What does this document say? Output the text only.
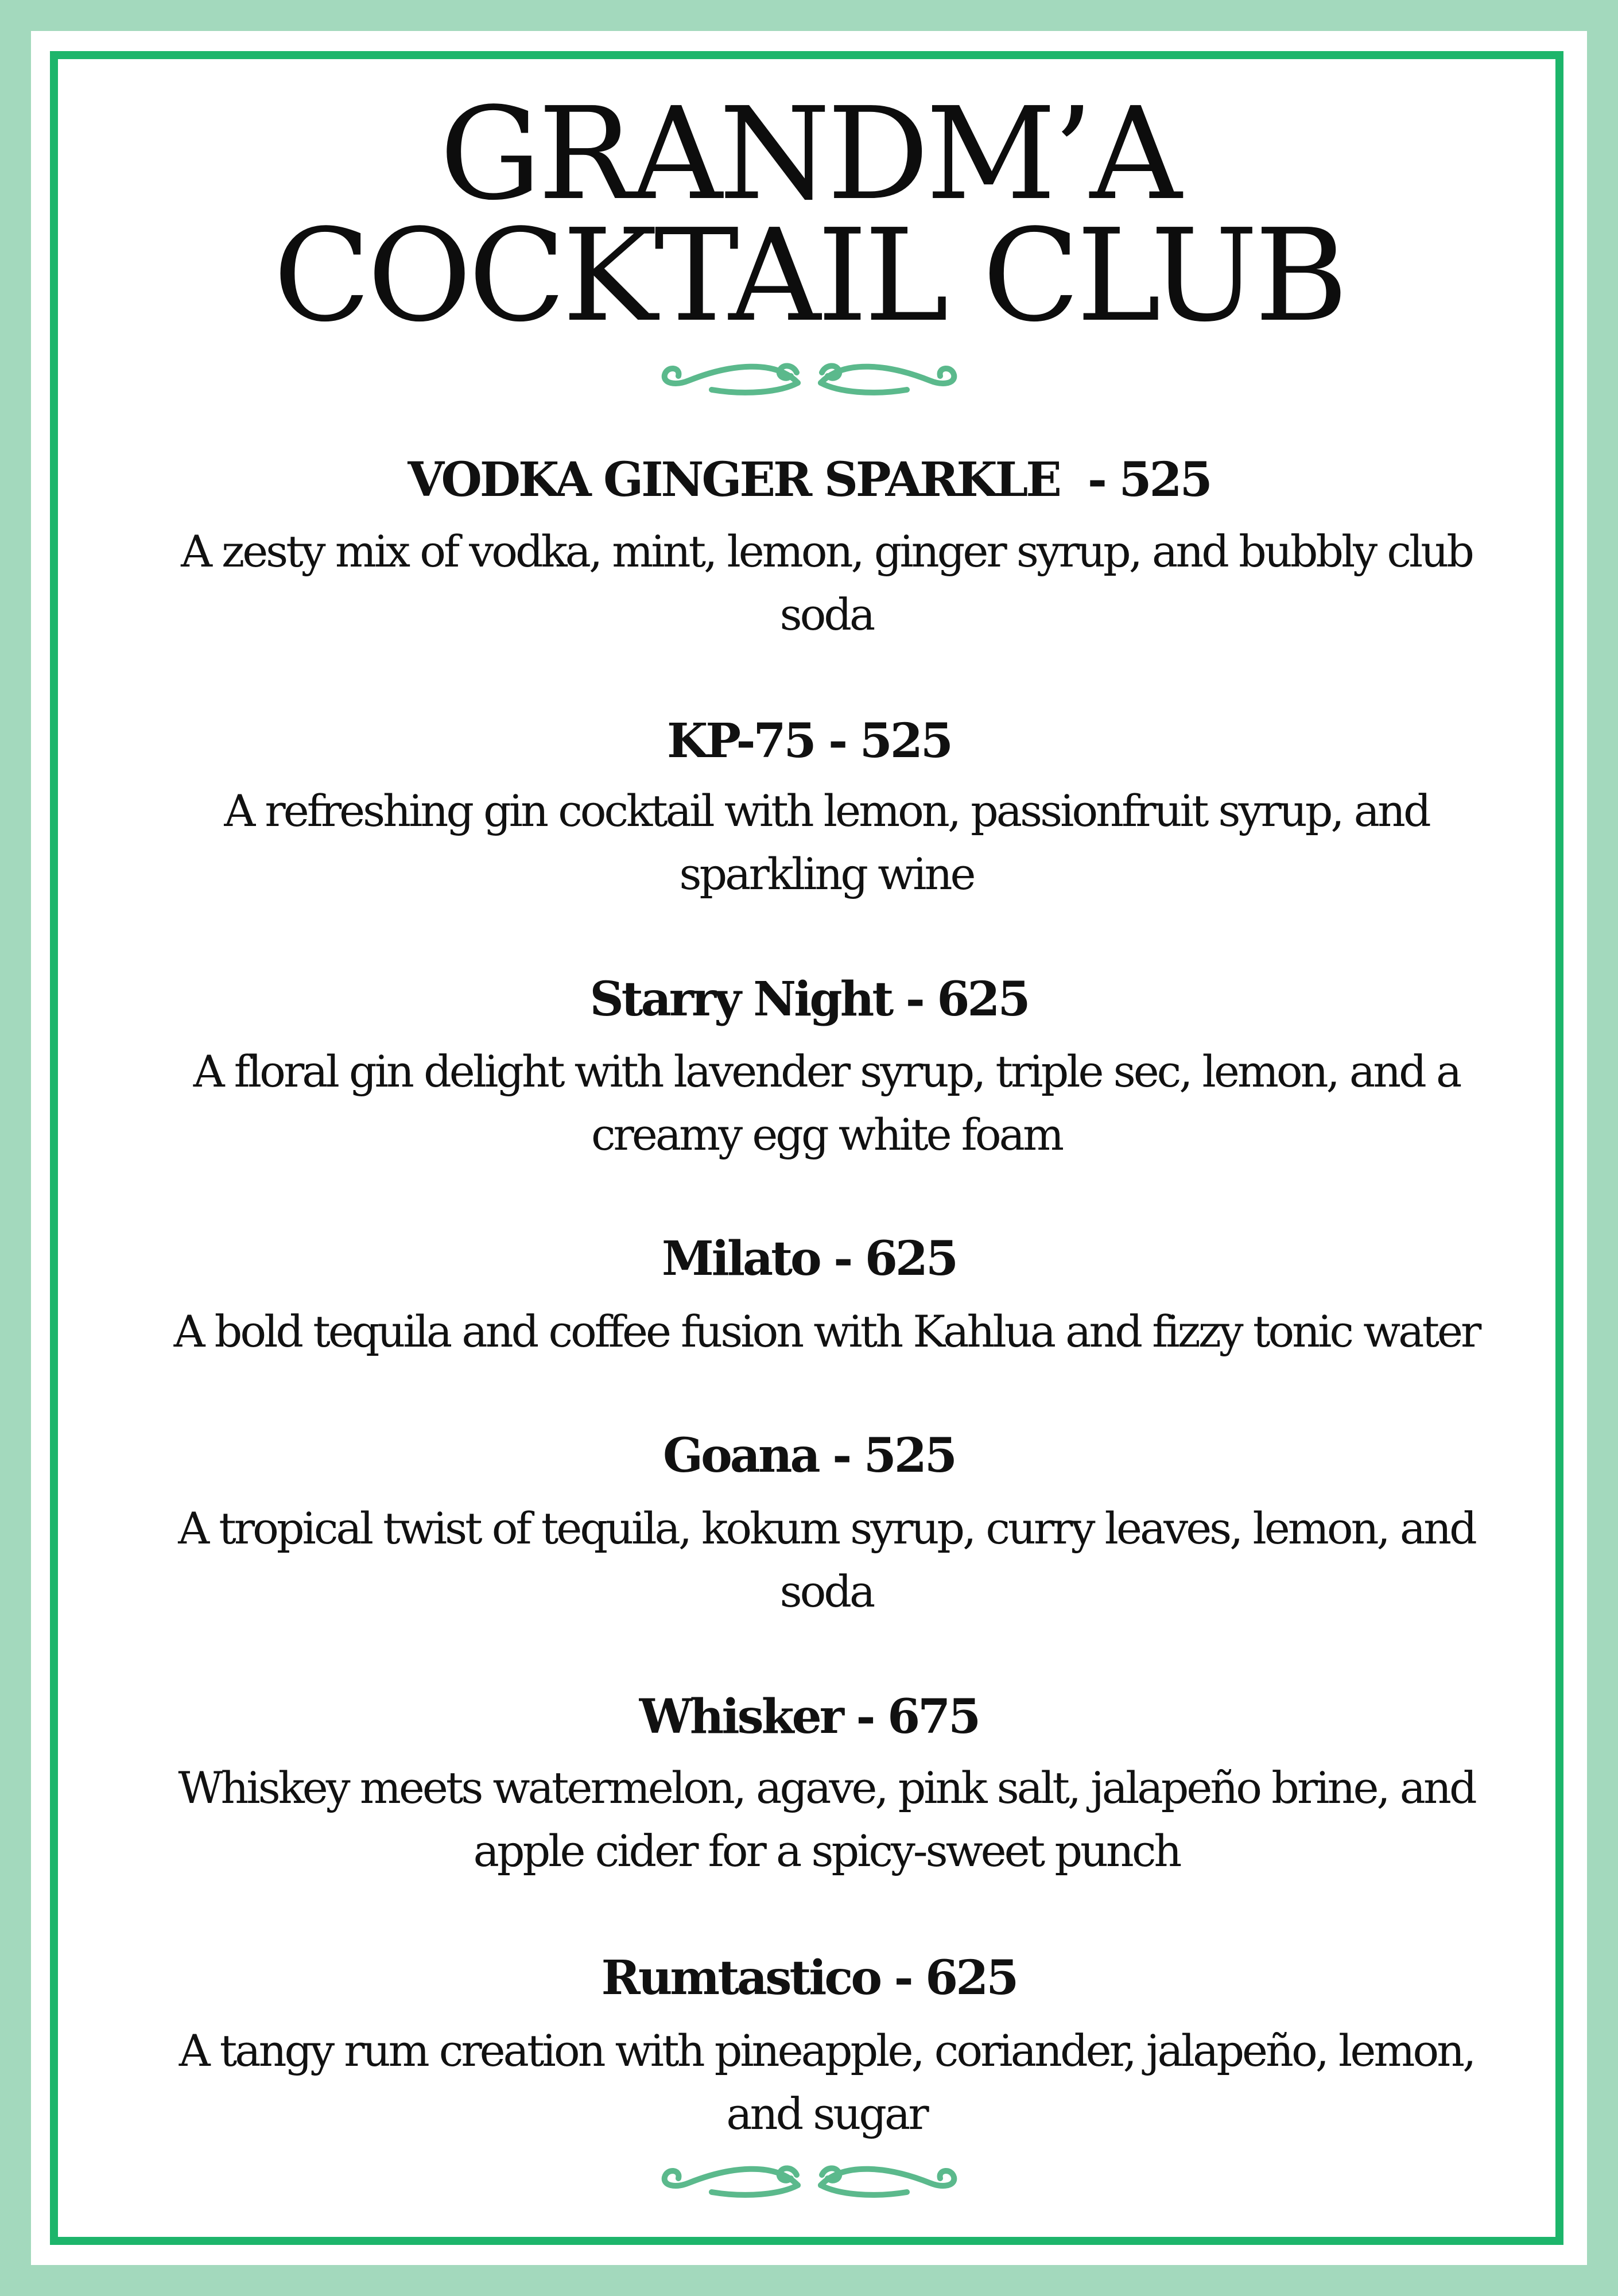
GRANDM’A
COCKTAIL CLUB

VODKA GINGER SPARKLE  - 525

A zesty mix of vodka, mint, lemon, ginger syrup, and bubbly club soda

KP-75 - 525

A refreshing gin cocktail with lemon, passionfruit syrup, and sparkling wine

Starry Night - 625

A floral gin delight with lavender syrup, triple sec, lemon, and a creamy egg white foam

Milato - 625

A bold tequila and coffee fusion with Kahlua and fizzy tonic water

Goana - 525

A tropical twist of tequila, kokum syrup, curry leaves, lemon, and soda

Whisker - 675

Whiskey meets watermelon, agave, pink salt, jalapeño brine, and apple cider for a spicy-sweet punch

Rumtastico - 625

A tangy rum creation with pineapple, coriander, jalapeño, lemon, and sugar
